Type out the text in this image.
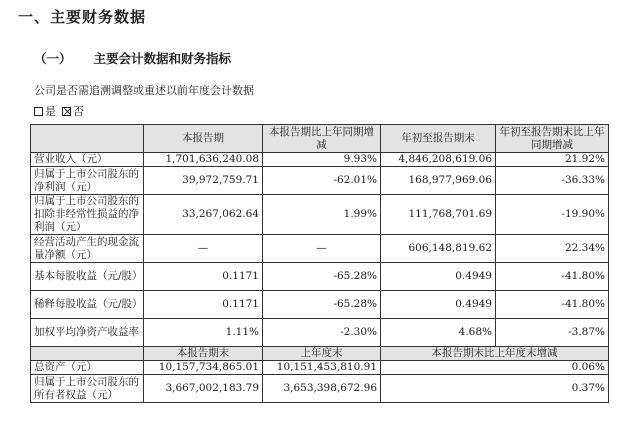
一、主要财务数据
（一） 主要会计数据和财务指标
公司是否需追溯调整或重述以前年度会计数据
是 否
	本报告期	本报告期比上年同期增减	年初至报告期末	年初至报告期末比上年同期增减
营业收入（元）	1,701,636,240.08	9.93%	4,846,208,619.06	21.92%
归属于上市公司股东的净利润（元）	39,972,759.71	-62.01%	168,977,969.06	-36.33%
归属于上市公司股东的扣除非经常性损益的净利润（元）	33,267,062.64	1.99%	111,768,701.69	-19.90%
经营活动产生的现金流量净额（元）	—	—	606,148,819.62	22.34%
基本每股收益（元/股）	0.1171	-65.28%	0.4949	-41.80%
稀释每股收益（元/股）	0.1171	-65.28%	0.4949	-41.80%
加权平均净资产收益率	1.11%	-2.30%	4.68%	-3.87%
	本报告期末	上年度末	本报告期末比上年度末增减	
总资产（元）	10,157,734,865.01	10,151,453,810.91	0.06%	
归属于上市公司股东的所有者权益（元）	3,667,002,183.79	3,653,398,672.96	0.37%	
